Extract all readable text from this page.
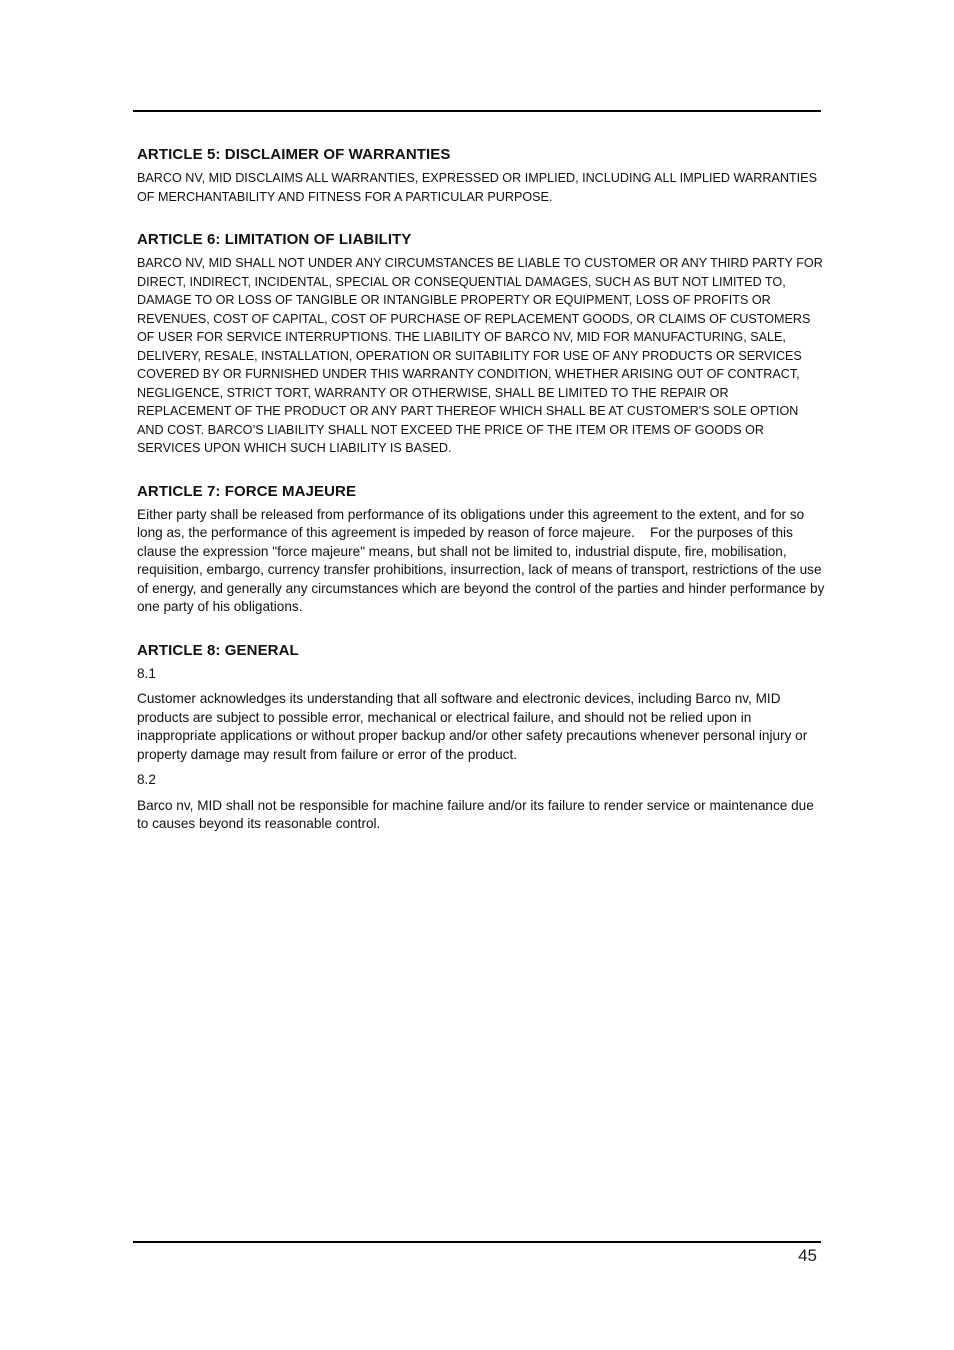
ARTICLE 5: DISCLAIMER OF WARRANTIES

BARCO NV, MID DISCLAIMS ALL WARRANTIES, EXPRESSED OR IMPLIED, INCLUDING ALL IMPLIED WARRANTIES OF MERCHANTABILITY AND FITNESS FOR A PARTICULAR PURPOSE.

ARTICLE 6: LIMITATION OF LIABILITY

BARCO NV, MID SHALL NOT UNDER ANY CIRCUMSTANCES BE LIABLE TO CUSTOMER OR ANY THIRD PARTY FOR DIRECT, INDIRECT, INCIDENTAL, SPECIAL OR CONSEQUENTIAL DAMAGES, SUCH AS BUT NOT LIMITED TO, DAMAGE TO OR LOSS OF TANGIBLE OR INTANGIBLE PROPERTY OR EQUIPMENT, LOSS OF PROFITS OR REVENUES, COST OF CAPITAL, COST OF PURCHASE OF REPLACEMENT GOODS, OR CLAIMS OF CUSTOMERS OF USER FOR SERVICE INTERRUPTIONS. THE LIABILITY OF BARCO NV, MID FOR MANUFACTURING, SALE, DELIVERY, RESALE, INSTALLATION, OPERATION OR SUITABILITY FOR USE OF ANY PRODUCTS OR SERVICES COVERED BY OR FURNISHED UNDER THIS WARRANTY CONDITION, WHETHER ARISING OUT OF CONTRACT, NEGLIGENCE, STRICT TORT, WARRANTY OR OTHERWISE, SHALL BE LIMITED TO THE REPAIR OR REPLACEMENT OF THE PRODUCT OR ANY PART THEREOF WHICH SHALL BE AT CUSTOMER'S SOLE OPTION AND COST. BARCO’S LIABILITY SHALL NOT EXCEED THE PRICE OF THE ITEM OR ITEMS OF GOODS OR SERVICES UPON WHICH SUCH LIABILITY IS BASED.

ARTICLE 7: FORCE MAJEURE

Either party shall be released from performance of its obligations under this agreement to the extent, and for so long as, the performance of this agreement is impeded by reason of force majeure.    For the purposes of this clause the expression "force majeure" means, but shall not be limited to, industrial dispute, fire, mobilisation, requisition, embargo, currency transfer prohibitions, insurrection, lack of means of transport, restrictions of the use of energy, and generally any circumstances which are beyond the control of the parties and hinder performance by one party of his obligations.

ARTICLE 8: GENERAL

8.1

Customer acknowledges its understanding that all software and electronic devices, including Barco nv, MID products are subject to possible error, mechanical or electrical failure, and should not be relied upon in inappropriate applications or without proper backup and/or other safety precautions whenever personal injury or property damage may result from failure or error of the product.

8.2

Barco nv, MID shall not be responsible for machine failure and/or its failure to render service or maintenance due to causes beyond its reasonable control.

45
